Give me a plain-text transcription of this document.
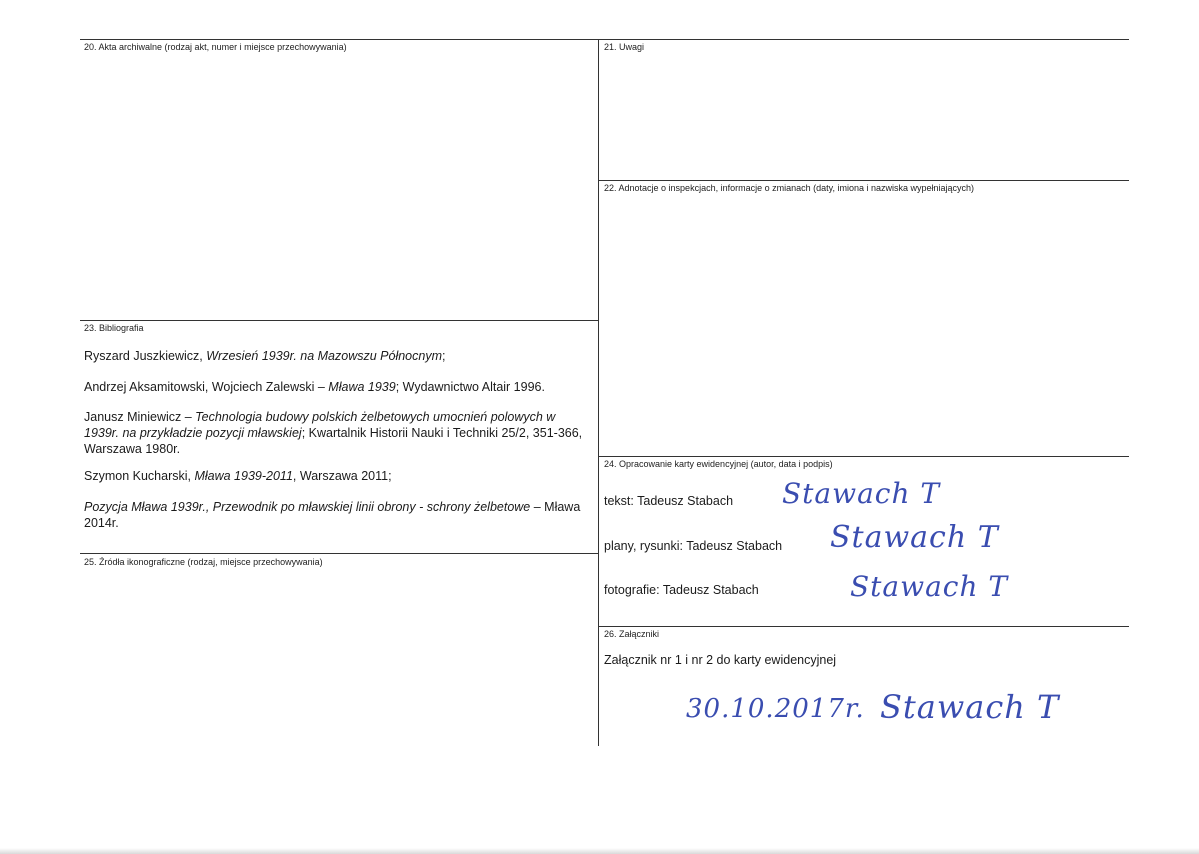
20. Akta archiwalne (rodzaj akt, numer i miejsce przechowywania)	21. Uwagi
22. Adnotacje o inspekcjach, informacje o zmianach (daty, imiona i nazwiska wypełniających)
23. Bibliografia
24. Opracowanie karty ewidencyjnej (autor, data i podpis)
25. Źródła ikonograficzne (rodzaj, miejsce przechowywania)
26. Załączniki
Ryszard Juszkiewicz, Wrzesień 1939r. na Mazowszu Północnym;
Andrzej Aksamitowski, Wojciech Zalewski – Mława 1939; Wydawnictwo Altair 1996.
Janusz Miniewicz – Technologia budowy polskich żelbetowych umocnień polowych w 1939r. na przykładzie pozycji mławskiej; Kwartalnik Historii Nauki i Techniki 25/2, 351-366, Warszawa 1980r.
Szymon Kucharski, Mława 1939-2011, Warszawa 2011;
Pozycja Mława 1939r., Przewodnik po mławskiej linii obrony - schrony żelbetowe – Mława 2014r.
tekst: Tadeusz Stabach Stawach T
plany, rysunki: Tadeusz Stabach Stawach T
fotografie: Tadeusz Stabach	Stawach T
Załącznik nr 1 i nr 2 do karty ewidencyjnej
30.10.2017r. Stawach T
